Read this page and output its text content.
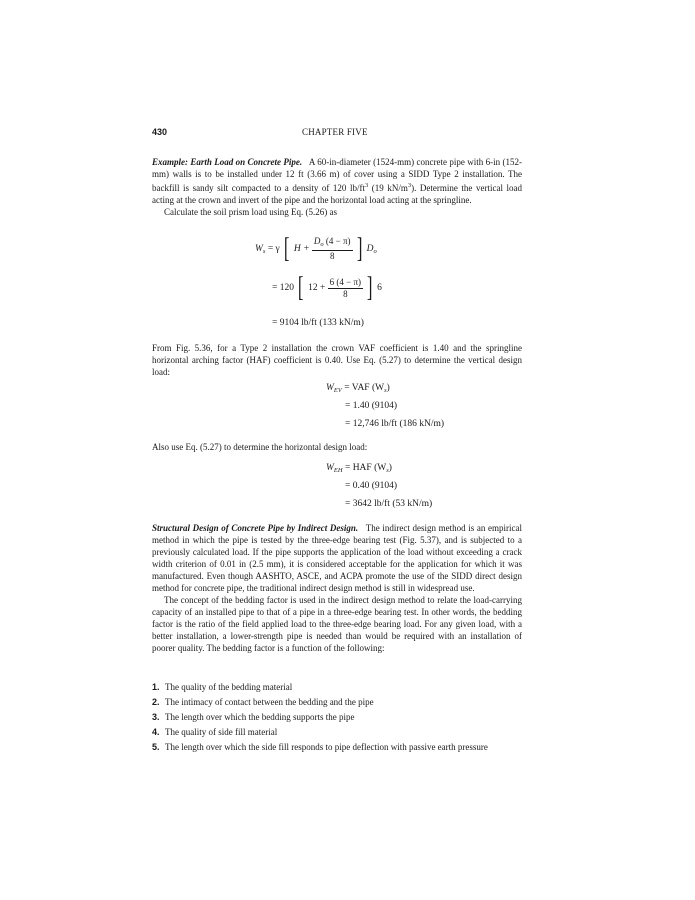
430	CHAPTER FIVE

Example: Earth Load on Concrete Pipe. A 60-in-diameter (1524-mm) concrete pipe with 6-in (152-mm) walls is to be installed under 12 ft (3.66 m) of cover using a SIDD Type 2 installation. The backfill is sandy silt compacted to a density of 120 $lb/ft^3$ (19 $kN/m^3$). Determine the vertical load acting at the crown and invert of the pipe and the horizontal load acting at the springline.

Calculate the soil prism load using Eq. (5.26) as

$W_s = \gamma$ [ $H + \frac{D_o (4 - \pi)}{8}$ ] $D_o$
= 120 [ $12 + \frac{6 (4 - \pi)}{8}$ ] 6
= 9104 lb/ft (133 kN/m)

From Fig. 5.36, for a Type 2 installation the crown VAF coefficient is 1.40 and the springline horizontal arching factor (HAF) coefficient is 0.40. Use Eq. (5.27) to determine the vertical design load:

$W_{EV}$ = VAF $(W_s)$
= 1.40 (9104)
= 12,746 lb/ft (186 kN/m)

Also use Eq. (5.27) to determine the horizontal design load:

$W_{EH}$ = HAF $(W_s)$
= 0.40 (9104)
= 3642 lb/ft (53 kN/m)

Structural Design of Concrete Pipe by Indirect Design. The indirect design method is an empirical method in which the pipe is tested by the three-edge bearing test (Fig. 5.37), and is subjected to a previously calculated load. If the pipe supports the application of the load without exceeding a crack width criterion of 0.01 in (2.5 mm), it is considered acceptable for the application for which it was manufactured. Even though AASHTO, ASCE, and ACPA promote the use of the SIDD direct design method for concrete pipe, the traditional indirect design method is still in widespread use.

The concept of the bedding factor is used in the indirect design method to relate the load-carrying capacity of an installed pipe to that of a pipe in a three-edge bearing test. In other words, the bedding factor is the ratio of the field applied load to the three-edge bearing load. For any given load, with a better installation, a lower-strength pipe is needed than would be required with an installation of poorer quality. The bedding factor is a function of the following:

1. The quality of the bedding material
2. The intimacy of contact between the bedding and the pipe
3. The length over which the bedding supports the pipe
4. The quality of side fill material
5. The length over which the side fill responds to pipe deflection with passive earth pressure
